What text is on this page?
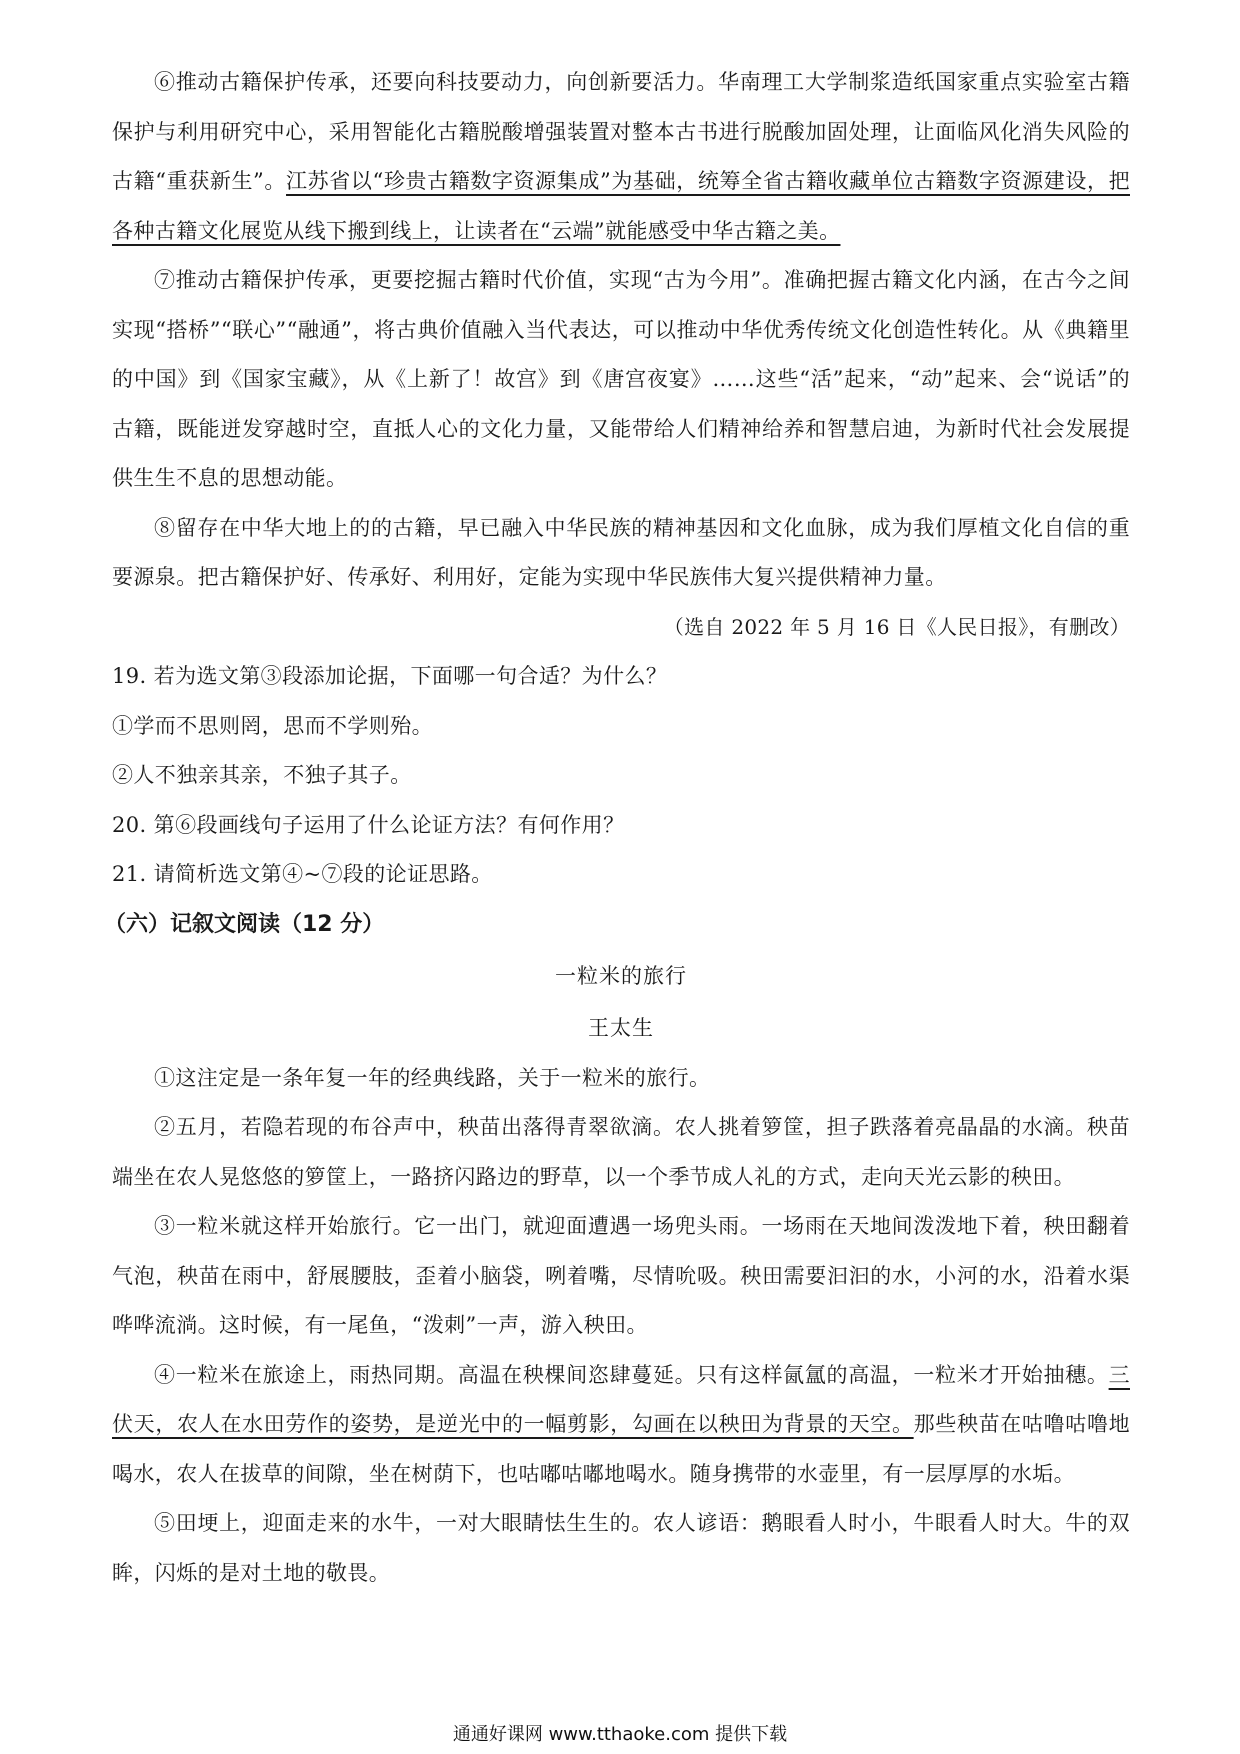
⑥推动古籍保护传承，还要向科技要动力，向创新要活力。华南理工大学制浆造纸国家重点实验室古籍保护与利用研究中心，采用智能化古籍脱酸增强装置对整本古书进行脱酸加固处理，让面临风化消失风险的古籍“重获新生”。江苏省以“珍贵古籍数字资源集成”为基础，统筹全省古籍收藏单位古籍数字资源建设，把各种古籍文化展览从线下搬到线上，让读者在“云端”就能感受中华古籍之美。

⑦推动古籍保护传承，更要挖掘古籍时代价值，实现“古为今用”。准确把握古籍文化内涵，在古今之间实现“搭桥”“联心”“融通”，将古典价值融入当代表达，可以推动中华优秀传统文化创造性转化。从《典籍里的中国》到《国家宝藏》，从《上新了！故宫》到《唐宫夜宴》……这些“活”起来，“动”起来、会“说话”的古籍，既能迸发穿越时空，直抵人心的文化力量，又能带给人们精神给养和智慧启迪，为新时代社会发展提供生生不息的思想动能。

⑧留存在中华大地上的的古籍，早已融入中华民族的精神基因和文化血脉，成为我们厚植文化自信的重要源泉。把古籍保护好、传承好、利用好，定能为实现中华民族伟大复兴提供精神力量。

（选自 2022 年 5 月 16 日《人民日报》，有删改）

19. 若为选文第③段添加论据，下面哪一句合适？为什么？

①学而不思则罔，思而不学则殆。

②人不独亲其亲，不独子其子。

20. 第⑥段画线句子运用了什么论证方法？有何作用？

21. 请简析选文第④~⑦段的论证思路。

（六）记叙文阅读（12 分）

一粒米的旅行

王太生

①这注定是一条年复一年的经典线路，关于一粒米的旅行。

②五月，若隐若现的布谷声中，秧苗出落得青翠欲滴。农人挑着箩筐，担子跌落着亮晶晶的水滴。秧苗端坐在农人晃悠悠的箩筐上，一路挤闪路边的野草，以一个季节成人礼的方式，走向天光云影的秧田。

③一粒米就这样开始旅行。它一出门，就迎面遭遇一场兜头雨。一场雨在天地间泼泼地下着，秧田翻着气泡，秧苗在雨中，舒展腰肢，歪着小脑袋，咧着嘴，尽情吮吸。秧田需要汩汩的水，小河的水，沿着水渠哗哗流淌。这时候，有一尾鱼，“泼刺”一声，游入秧田。

④一粒米在旅途上，雨热同期。高温在秧棵间恣肆蔓延。只有这样氤氲的高温，一粒米才开始抽穗。三伏天，农人在水田劳作的姿势，是逆光中的一幅剪影，勾画在以秧田为背景的天空。那些秧苗在咕噜咕噜地喝水，农人在拔草的间隙，坐在树荫下，也咕嘟咕嘟地喝水。随身携带的水壶里，有一层厚厚的水垢。

⑤田埂上，迎面走来的水牛，一对大眼睛怯生生的。农人谚语：鹅眼看人时小，牛眼看人时大。牛的双眸，闪烁的是对土地的敬畏。

通通好课网 www.tthaoke.com 提供下载
